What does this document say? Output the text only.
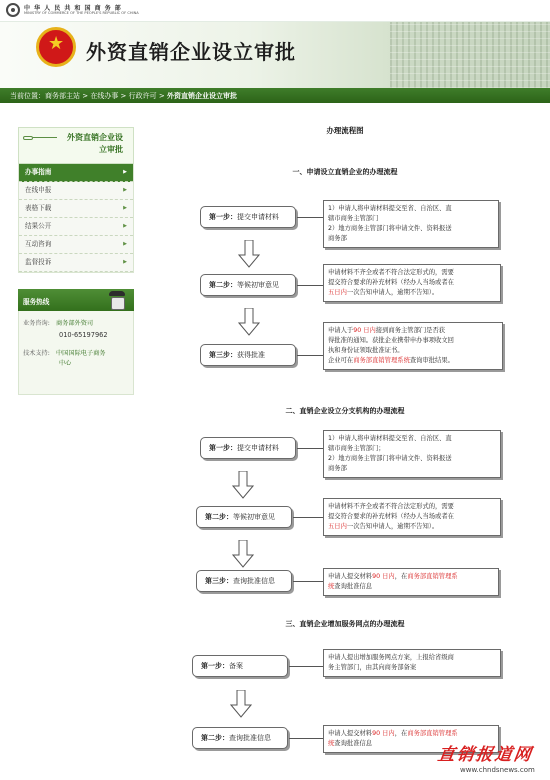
中 华 人 民 共 和 国 商 务 部
MINISTRY OF COMMERCE OF THE PEOPLE'S REPUBLIC OF CHINA
★
外资直销企业设立审批
当前位置：商务部主站 > 在线办事 > 行政许可 > 外资直销企业设立审批
外资直销企业设立审批
办事指南	▶
在线申报	▶
表格下载	▶
结果公开	▶
互动咨询	▶
监督投诉	▶
服务热线
业务咨询: 商务部外资司
010-65197962
技术支持: 中国国际电子商务
中心
办理流程图
一、申请设立直销企业的办理流程
第一步：提交申请材料
1）申请人将申请材料提交至省、自治区、直
辖市商务主管部门
2）地方商务主管部门将申请文件、资料报送
商务部
第二步：等候初审意见
申请材料不齐全或者不符合法定形式的，需要
提交符合要求的补充材料（经办人当场或者在
五日内一次告知申请人，逾期不告知）。
第三步：获得批准
申请人于90 日内接到商务主管部门是否获
得批准的通知。获批企业携带申办事项收文回
执和身份证领取批准证书。
企业可在商务部直销管理系统查询审批结果。
二、直销企业设立分支机构的办理流程
第一步：提交申请材料
1）申请人将申请材料提交至省、自治区、直
辖市商务主管部门；
2）地方商务主管部门将申请文件、资料报送
商务部
第二步：等候初审意见
申请材料不齐全或者不符合法定形式的，需要
提交符合要求的补充材料（经办人当场或者在
五日内一次告知申请人，逾期不告知）。
第三步：查询批准信息
申请人提交材料90 日内，在商务部直销管理系
统查询批准信息
三、直销企业增加服务网点的办理流程
第一步：备案
申请人提出增加服务网点方案，上报给省级商
务主管部门，由其向商务部备案
第二步：查询批准信息
申请人提交材料90 日内，在商务部直销管理系
统查询批准信息
直销报道网
www.chndsnews.com
